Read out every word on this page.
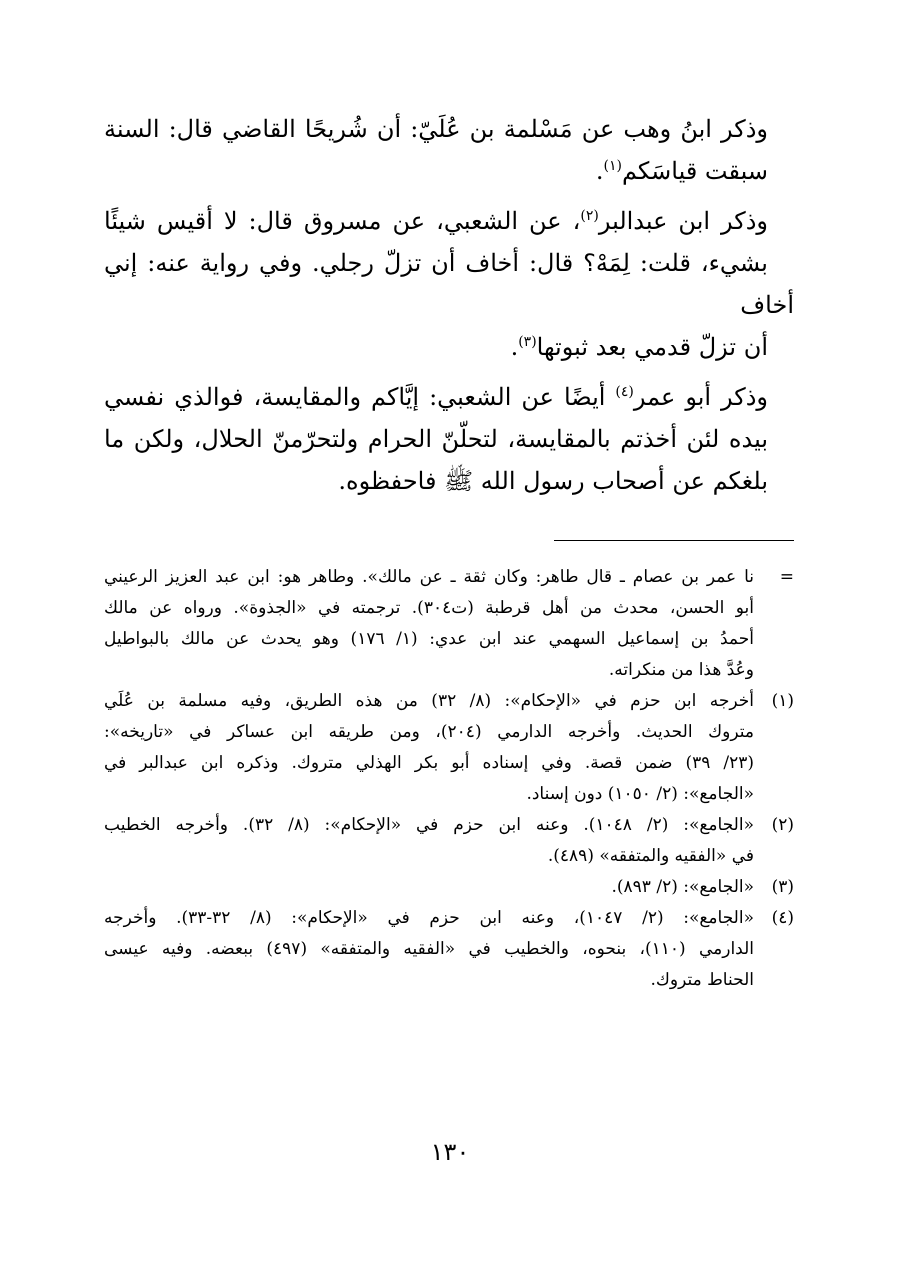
وذكر ابنُ وهب عن مَسْلمة بن عُلَيّ: أن شُريحًا القاضي قال: السنة
سبقت قياسَكم$^{(١)}$.

وذكر ابن عبدالبر$^{(٢)}$، عن الشعبي، عن مسروق قال: لا أقيس شيئًا
بشيء، قلت: لِمَهْ؟ قال: أخاف أن تزلّ رجلي. وفي رواية عنه: إني أخاف
أن تزلّ قدمي بعد ثبوتها$^{(٣)}$.

وذكر أبو عمر$^{(٤)}$ أيضًا عن الشعبي: إيَّاكم والمقايسة، فوالذي نفسي
بيده لئن أخذتم بالمقايسة، لتحلّنّ الحرام ولتحرّمنّ الحلال، ولكن ما
بلغكم عن أصحاب رسول الله ﷺ فاحفظوه.

=
نا عمر بن عصام ـ قال طاهر: وكان ثقة ـ عن مالك». وطاهر هو: ابن عبد العزيز الرعيني
أبو الحسن، محدث من أهل قرطبة (ت٣٠٤). ترجمته في «الجذوة». ورواه عن مالك
أحمدُ بن إسماعيل السهمي عند ابن عدي: (١/ ١٧٦) وهو يحدث عن مالك بالبواطيل
وعُدَّ هذا من منكراته.
(١)
أخرجه ابن حزم في «الإحكام»: (٨/ ٣٢) من هذه الطريق، وفيه مسلمة بن عُلَي
متروك الحديث. وأخرجه الدارمي (٢٠٤)، ومن طريقه ابن عساكر في «تاريخه»:
(٢٣/ ٣٩) ضمن قصة. وفي إسناده أبو بكر الهذلي متروك. وذكره ابن عبدالبر في
«الجامع»: (٢/ ١٠٥٠) دون إسناد.
(٢)
«الجامع»: (٢/ ١٠٤٨). وعنه ابن حزم في «الإحكام»: (٨/ ٣٢). وأخرجه الخطيب
في «الفقيه والمتفقه» (٤٨٩).
(٣)
«الجامع»: (٢/ ٨٩٣).
(٤)
«الجامع»: (٢/ ١٠٤٧)، وعنه ابن حزم في «الإحكام»: (٨/ ٣٢-٣٣). وأخرجه
الدارمي (١١٠)، بنحوه، والخطيب في «الفقيه والمتفقه» (٤٩٧) ببعضه. وفيه عيسى
الحناط متروك.
١٣٠
